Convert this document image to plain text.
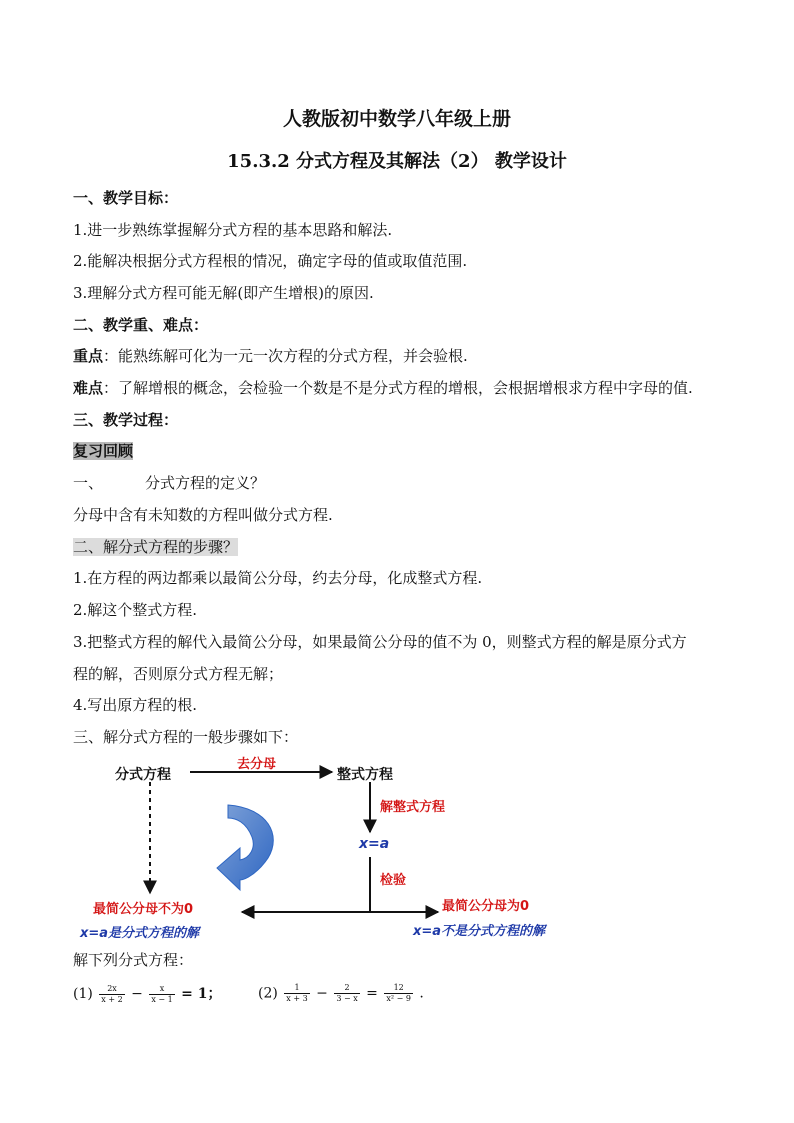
人教版初中数学八年级上册
15.3.2 分式方程及其解法（2） 教学设计
一、教学目标：
1.进一步熟练掌握解分式方程的基本思路和解法.
2.能解决根据分式方程根的情况，确定字母的值或取值范围.
3.理解分式方程可能无解(即产生增根)的原因.
二、教学重、难点：
重点：能熟练解可化为一元一次方程的分式方程，并会验根.
难点：了解增根的概念，会检验一个数是不是分式方程的增根，会根据增根求方程中字母的值.
三、教学过程：
复习回顾
一、	分式方程的定义？
分母中含有未知数的方程叫做分式方程.
二、解分式方程的步骤？
1.在方程的两边都乘以最简公分母，约去分母，化成整式方程.
2.解这个整式方程.
3.把整式方程的解代入最简公分母，如果最简公分母的值不为 0，则整式方程的解是原分式方
程的解，否则原分式方程无解；
4.写出原方程的根.
三、解分式方程的一般步骤如下：
分式方程
去分母
整式方程
解整式方程
x=a
检验
最简公分母不为0	最简公分母为0
x=a是分式方程的解	x=a不是分式方程的解
解下列分式方程：
$(1) \frac{2x}{x + 2} - \frac{x}{x - 1} = 1$；	$(2) \frac{1}{x + 3} - \frac{2}{3 - x} = \frac{12}{\text{x² − 9}}$ .
